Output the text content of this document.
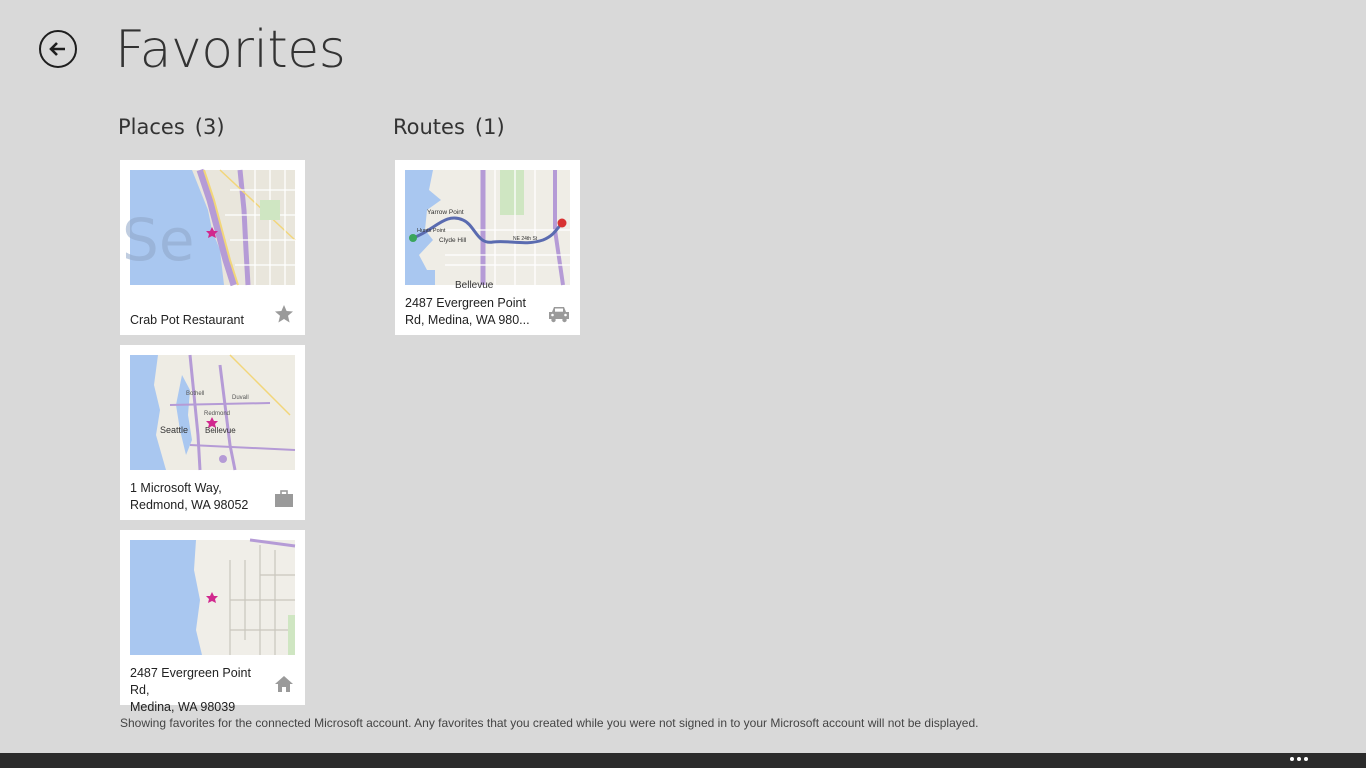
Favorites
Places (3)	Routes (1)
Se
Crab Pot Restaurant
Seattle Bellevue
Redmond
Bothell
Duvall
1 Microsoft Way,
Redmond, WA 98052
2487 Evergreen Point Rd,
Medina, WA 98039
Yarrow Point
Hunts Point
Clyde Hill	NE 24th St
Bellevue
2487 Evergreen Point
Rd, Medina, WA 980...
Showing favorites for the connected Microsoft account. Any favorites that you created while you were not signed in to your Microsoft account will not be displayed.
